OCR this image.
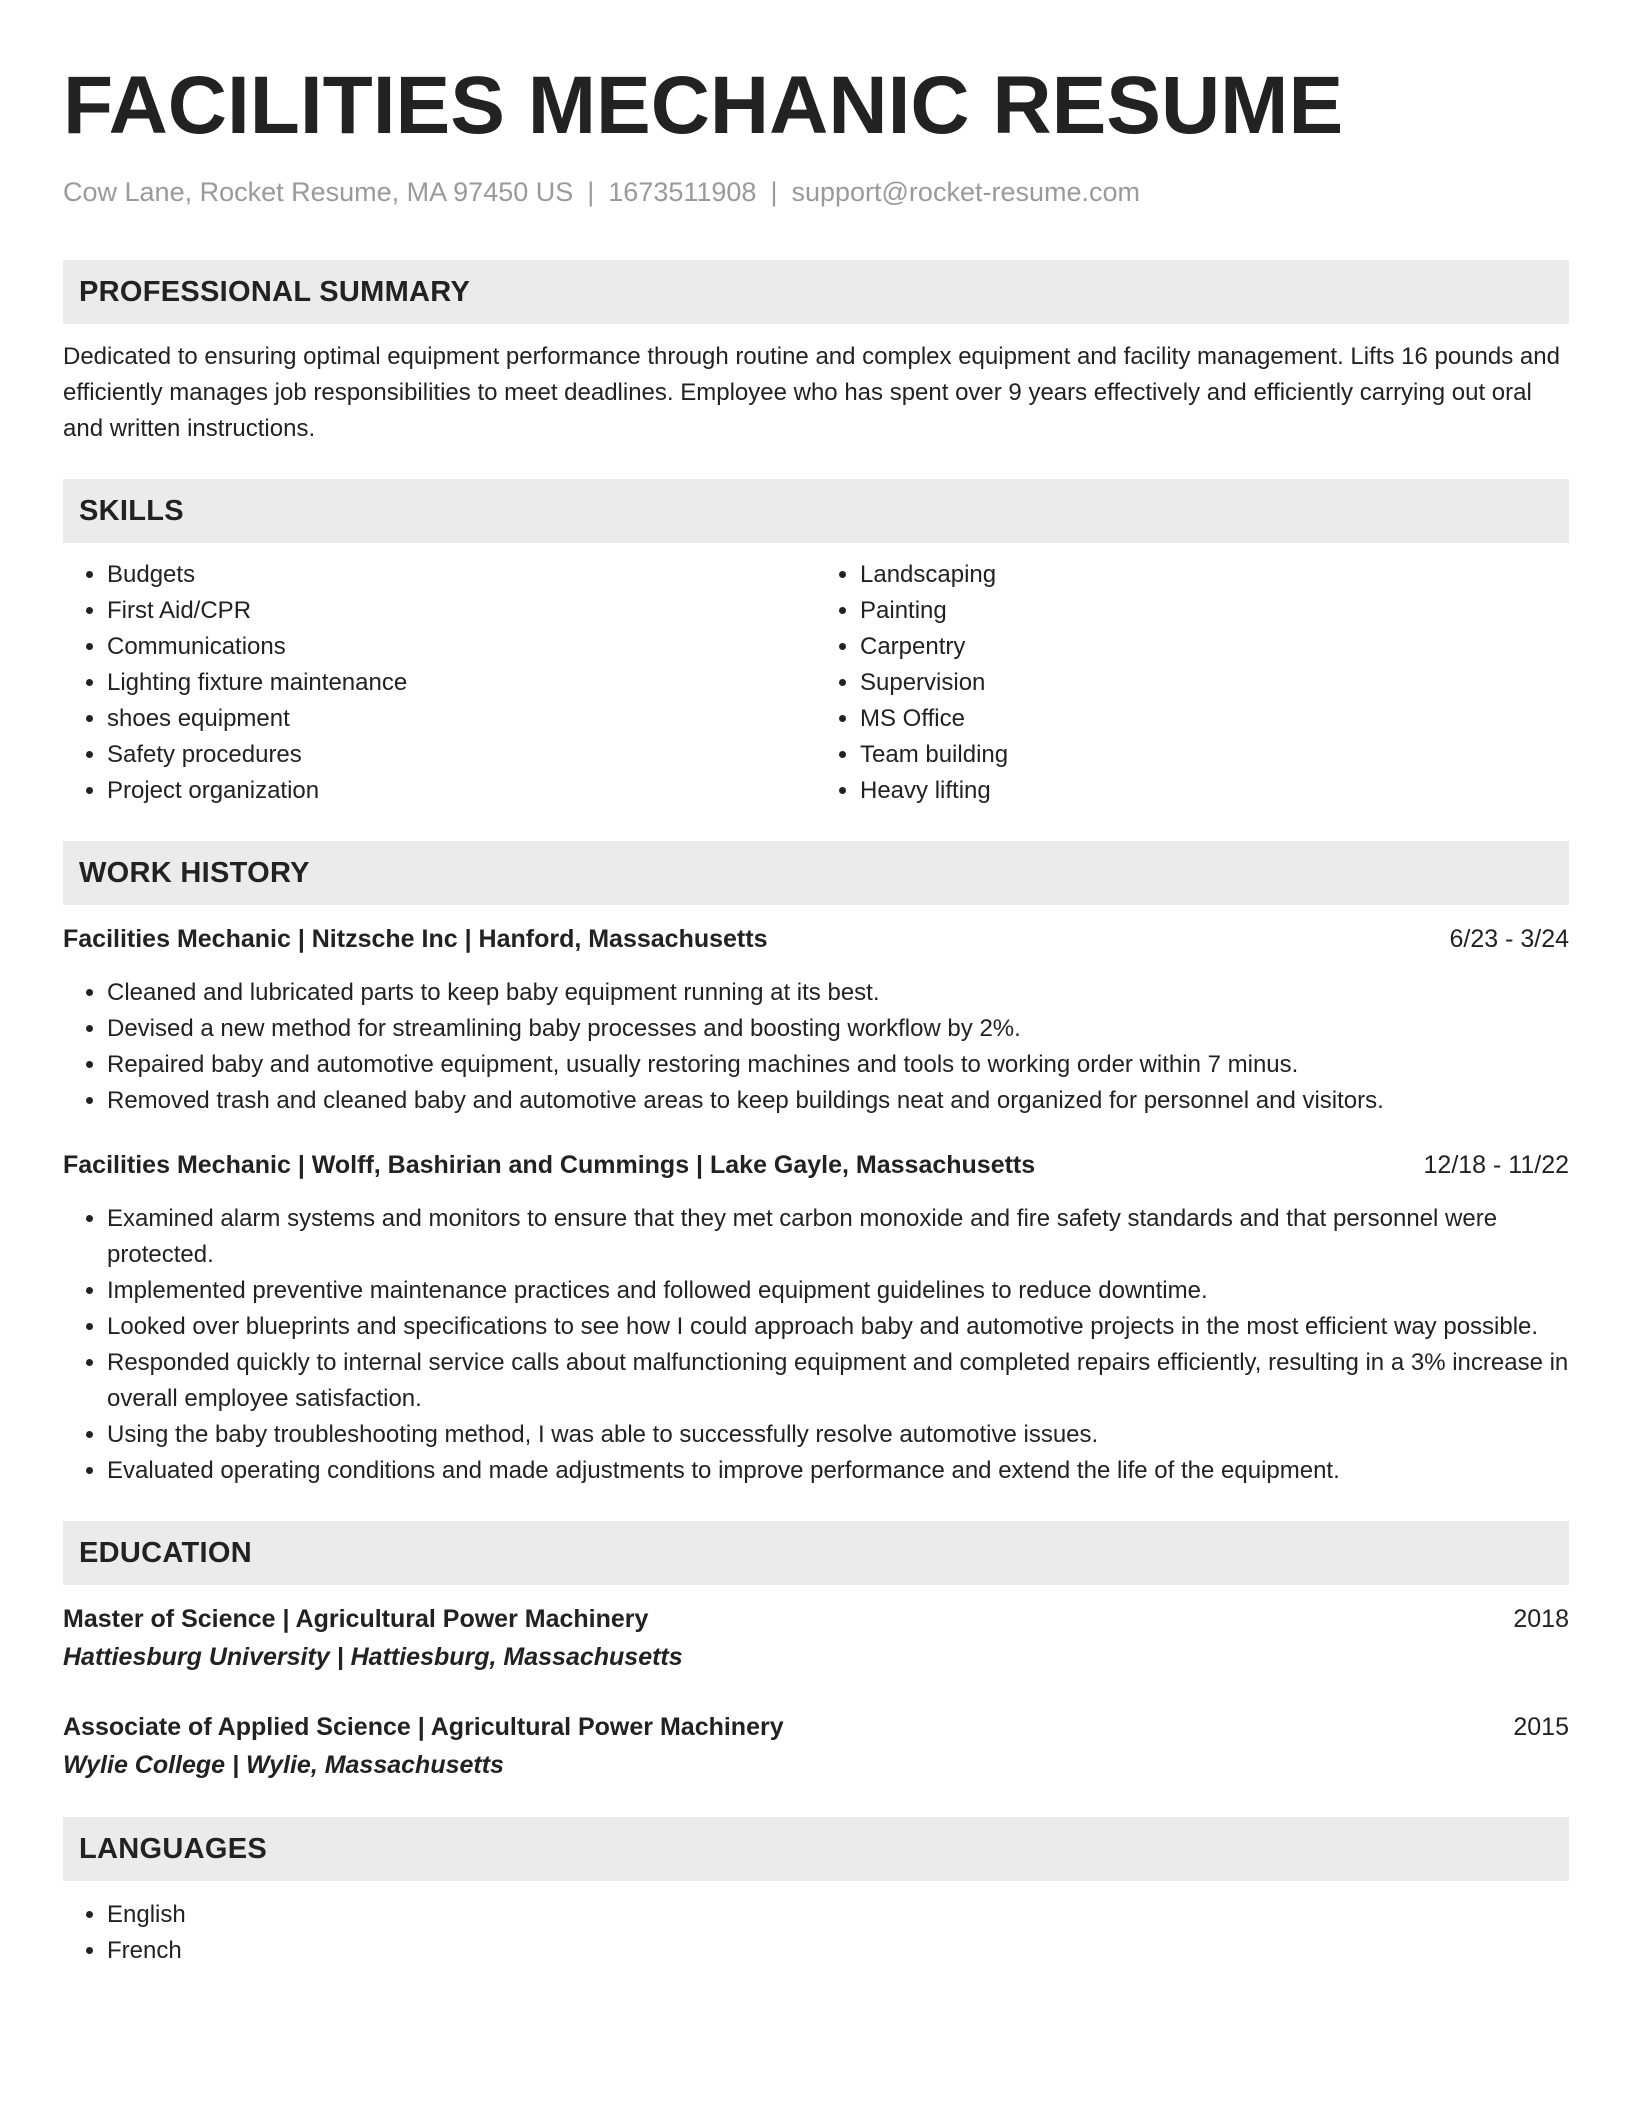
FACILITIES MECHANIC RESUME
Cow Lane, Rocket Resume, MA 97450 US | 1673511908 | support@rocket-resume.com
PROFESSIONAL SUMMARY
Dedicated to ensuring optimal equipment performance through routine and complex equipment and facility management. Lifts 16 pounds and efficiently manages job responsibilities to meet deadlines. Employee who has spent over 9 years effectively and efficiently carrying out oral and written instructions.
SKILLS
• Budgets
• First Aid/CPR
• Communications
• Lighting fixture maintenance
• shoes equipment
• Safety procedures
• Project organization
• Landscaping
• Painting
• Carpentry
• Supervision
• MS Office
• Team building
• Heavy lifting
WORK HISTORY
Facilities Mechanic | Nitzsche Inc | Hanford, Massachusetts	6/23 - 3/24
• Cleaned and lubricated parts to keep baby equipment running at its best.
• Devised a new method for streamlining baby processes and boosting workflow by 2%.
• Repaired baby and automotive equipment, usually restoring machines and tools to working order within 7 minus.
• Removed trash and cleaned baby and automotive areas to keep buildings neat and organized for personnel and visitors.
Facilities Mechanic | Wolff, Bashirian and Cummings | Lake Gayle, Massachusetts	12/18 - 11/22
• Examined alarm systems and monitors to ensure that they met carbon monoxide and fire safety standards and that personnel were protected.
• Implemented preventive maintenance practices and followed equipment guidelines to reduce downtime.
• Looked over blueprints and specifications to see how I could approach baby and automotive projects in the most efficient way possible.
• Responded quickly to internal service calls about malfunctioning equipment and completed repairs efficiently, resulting in a 3% increase in overall employee satisfaction.
• Using the baby troubleshooting method, I was able to successfully resolve automotive issues.
• Evaluated operating conditions and made adjustments to improve performance and extend the life of the equipment.
EDUCATION
Master of Science | Agricultural Power Machinery	2018
Hattiesburg University | Hattiesburg, Massachusetts
Associate of Applied Science | Agricultural Power Machinery	2015
Wylie College | Wylie, Massachusetts
LANGUAGES
• English
• French
